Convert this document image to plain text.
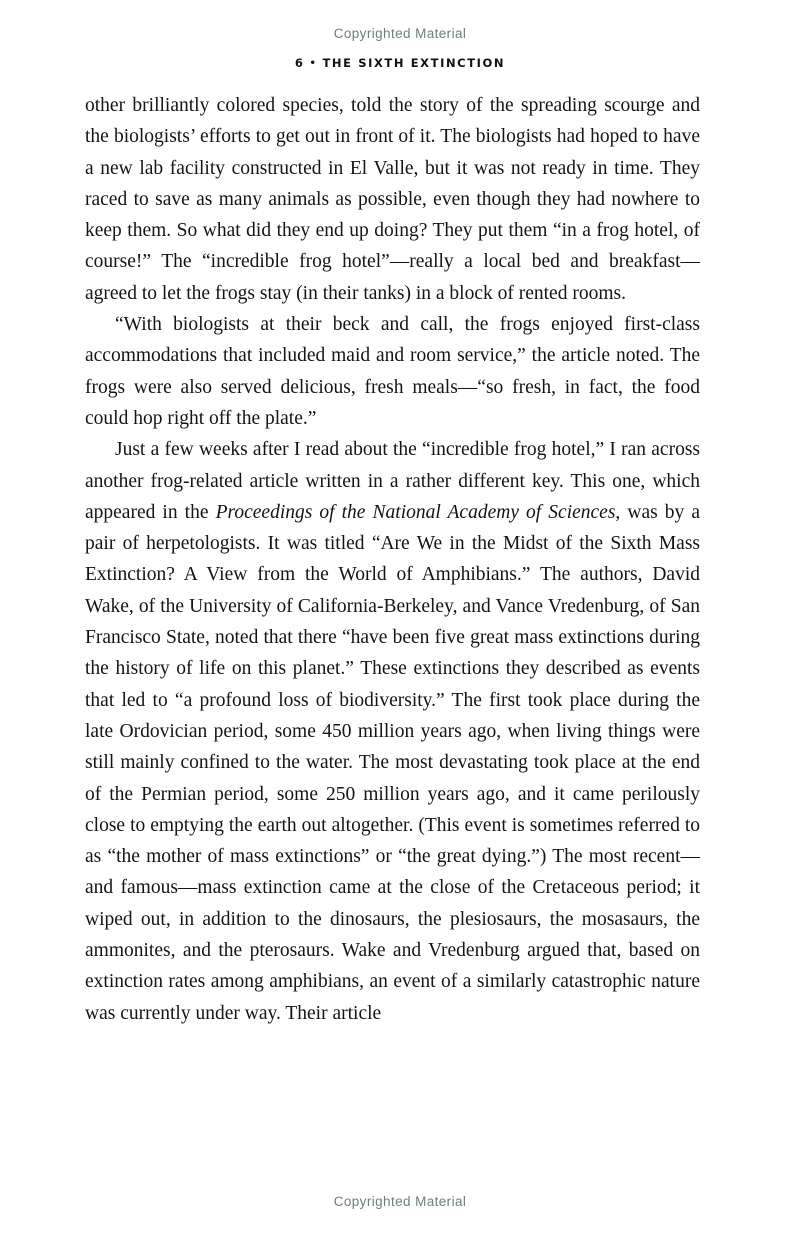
Copyrighted Material
6 • THE SIXTH EXTINCTION

other brilliantly colored species, told the story of the spreading scourge and the biologists’ efforts to get out in front of it. The biologists had hoped to have a new lab facility constructed in El Valle, but it was not ready in time. They raced to save as many animals as possible, even though they had nowhere to keep them. So what did they end up doing? They put them “in a frog hotel, of course!” The “incredible frog hotel”—really a local bed and breakfast—agreed to let the frogs stay (in their tanks) in a block of rented rooms.

“With biologists at their beck and call, the frogs enjoyed first-class accommodations that included maid and room service,” the article noted. The frogs were also served delicious, fresh meals—“so fresh, in fact, the food could hop right off the plate.”

Just a few weeks after I read about the “incredible frog hotel,” I ran across another frog-related article written in a rather different key. This one, which appeared in the Proceedings of the National Academy of Sciences, was by a pair of herpetologists. It was titled “Are We in the Midst of the Sixth Mass Extinction? A View from the World of Amphibians.” The authors, David Wake, of the University of California-Berkeley, and Vance Vredenburg, of San Francisco State, noted that there “have been five great mass extinctions during the history of life on this planet.” These extinctions they described as events that led to “a profound loss of biodiversity.” The first took place during the late Ordovician period, some 450 million years ago, when living things were still mainly confined to the water. The most devastating took place at the end of the Permian period, some 250 million years ago, and it came perilously close to emptying the earth out altogether. (This event is sometimes referred to as “the mother of mass extinctions” or “the great dying.”) The most recent—and famous—mass extinction came at the close of the Cretaceous period; it wiped out, in addition to the dinosaurs, the plesiosaurs, the mosasaurs, the ammonites, and the pterosaurs. Wake and Vredenburg argued that, based on extinction rates among amphibians, an event of a similarly catastrophic nature was currently under way. Their article

Copyrighted Material
